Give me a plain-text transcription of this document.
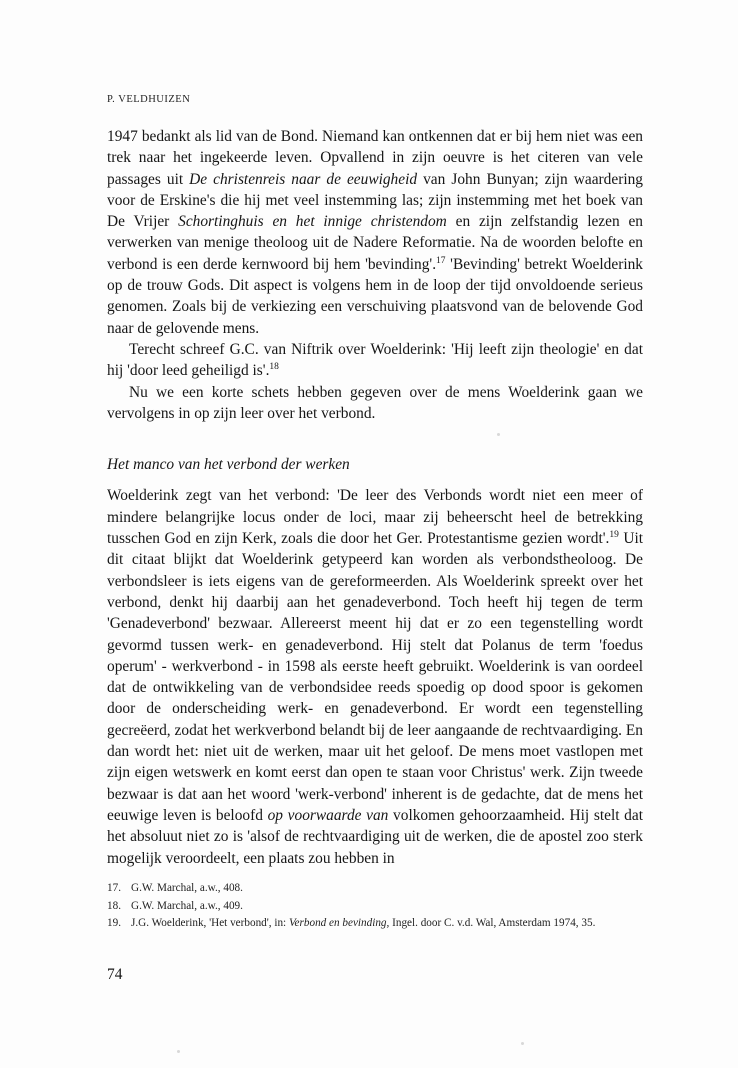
P. VELDHUIZEN

1947 bedankt als lid van de Bond. Niemand kan ontkennen dat er bij hem niet was een trek naar het ingekeerde leven. Opvallend in zijn oeuvre is het citeren van vele passages uit De christenreis naar de eeuwigheid van John Bunyan; zijn waardering voor de Erskine's die hij met veel instemming las; zijn instemming met het boek van De Vrijer Schortinghuis en het innige christendom en zijn zelfstandig lezen en verwerken van menige theoloog uit de Nadere Reformatie. Na de woorden belofte en verbond is een derde kernwoord bij hem 'bevinding'.$^{17}$ 'Bevinding' betrekt Woelderink op de trouw Gods. Dit aspect is volgens hem in de loop der tijd onvoldoende serieus genomen. Zoals bij de verkiezing een verschuiving plaatsvond van de belovende God naar de gelovende mens.

Terecht schreef G.C. van Niftrik over Woelderink: 'Hij leeft zijn theologie' en dat hij 'door leed geheiligd is'.$^{18}$

Nu we een korte schets hebben gegeven over de mens Woelderink gaan we vervolgens in op zijn leer over het verbond.

Het manco van het verbond der werken

Woelderink zegt van het verbond: 'De leer des Verbonds wordt niet een meer of mindere belangrijke locus onder de loci, maar zij beheerscht heel de betrekking tusschen God en zijn Kerk, zoals die door het Ger. Protestantisme gezien wordt'.$^{19}$ Uit dit citaat blijkt dat Woelderink getypeerd kan worden als verbondstheoloog. De verbondsleer is iets eigens van de gereformeerden. Als Woelderink spreekt over het verbond, denkt hij daarbij aan het genadeverbond. Toch heeft hij tegen de term 'Genadeverbond' bezwaar. Allereerst meent hij dat er zo een tegenstelling wordt gevormd tussen werk- en genadeverbond. Hij stelt dat Polanus de term 'foedus operum' - werkverbond - in 1598 als eerste heeft gebruikt. Woelderink is van oordeel dat de ontwikkeling van de verbondsidee reeds spoedig op dood spoor is gekomen door de onderscheiding werk- en genadeverbond. Er wordt een tegenstelling gecreëerd, zodat het werkverbond belandt bij de leer aangaande de rechtvaardiging. En dan wordt het: niet uit de werken, maar uit het geloof. De mens moet vastlopen met zijn eigen wetswerk en komt eerst dan open te staan voor Christus' werk. Zijn tweede bezwaar is dat aan het woord 'werk-verbond' inherent is de gedachte, dat de mens het eeuwige leven is beloofd op voorwaarde van volkomen gehoorzaamheid. Hij stelt dat het absoluut niet zo is 'alsof de rechtvaardiging uit de werken, die de apostel zoo sterk mogelijk veroordeelt, een plaats zou hebben in

17. G.W. Marchal, a.w., 408.
18. G.W. Marchal, a.w., 409.
19. J.G. Woelderink, 'Het verbond', in: Verbond en bevinding, Ingel. door C. v.d. Wal, Amsterdam 1974, 35.
74
